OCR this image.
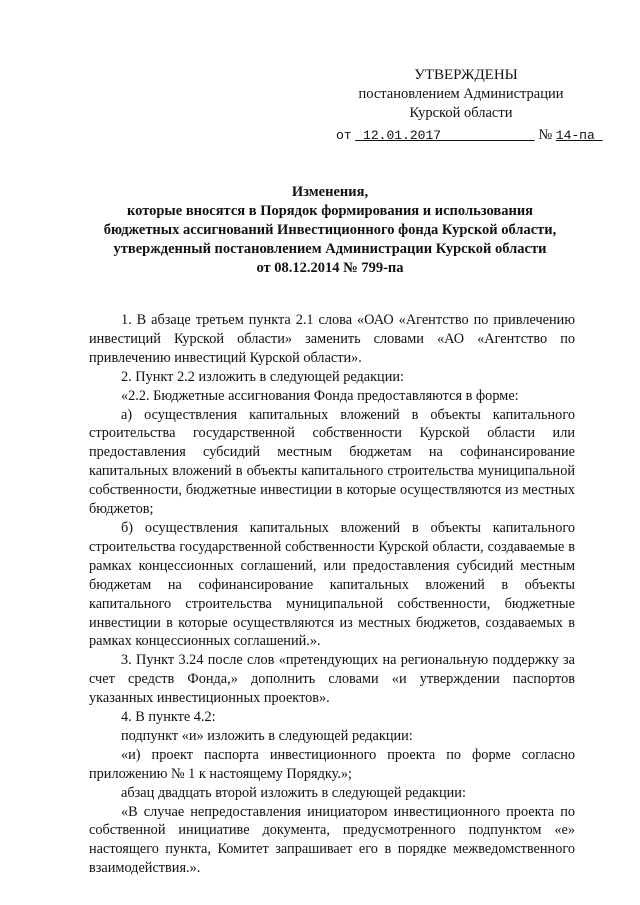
УТВЕРЖДЕНЫ
постановлением Администрации
Курской области
от 12.01.2017	№ 14-па
Изменения,
которые вносятся в Порядок формирования и использования
бюджетных ассигнований Инвестиционного фонда Курской области,
утвержденный постановлением Администрации Курской области
от 08.12.2014 № 799-па

1. В абзаце третьем пункта 2.1 слова «ОАО «Агентство по привлечению инвестиций Курской области» заменить словами «АО «Агентство по привлечению инвестиций Курской области».

2. Пункт 2.2 изложить в следующей редакции:

«2.2. Бюджетные ассигнования Фонда предоставляются в форме:

а) осуществления капитальных вложений в объекты капитального строительства государственной собственности Курской области или предоставления субсидий местным бюджетам на софинансирование капитальных вложений в объекты капитального строительства муниципальной собственности, бюджетные инвестиции в которые осуществляются из местных бюджетов;

б) осуществления капитальных вложений в объекты капитального строительства государственной собственности Курской области, создаваемые в рамках концессионных соглашений, или предоставления субсидий местным бюджетам на софинансирование капитальных вложений в объекты капитального строительства муниципальной собственности, бюджетные инвестиции в которые осуществляются из местных бюджетов, создаваемых в рамках концессионных соглашений.».

3. Пункт 3.24 после слов «претендующих на региональную поддержку за счет средств Фонда,» дополнить словами «и утверждении паспортов указанных инвестиционных проектов».

4. В пункте 4.2:

подпункт «и» изложить в следующей редакции:

«и) проект паспорта инвестиционного проекта по форме согласно приложению № 1 к настоящему Порядку.»;

абзац двадцать второй изложить в следующей редакции:

«В случае непредоставления инициатором инвестиционного проекта по собственной инициативе документа, предусмотренного подпунктом «е» настоящего пункта, Комитет запрашивает его в порядке межведомственного взаимодействия.».
